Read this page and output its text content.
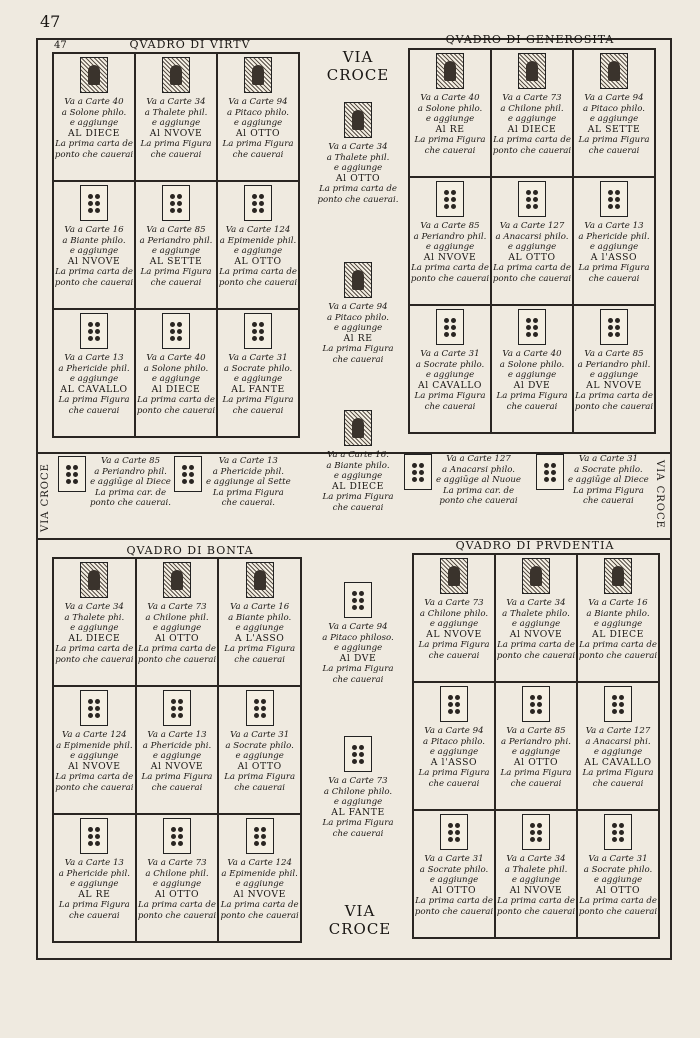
47
47	QVADRO DI VIRTV	QVADRO DI GENEROSITA
QVADRO DI BONTA	QVADRO DI PRVDENTIA
Va a Carte 40
a Solone philo.
e aggiunge
AL DIECE
La prima carta de
ponto che cauerai
Va a Carte 34
a Thalete phil.
e aggiunge
Al NVOVE
La prima Figura
che cauerai
Va a Carte 94
a Pitaco philo.
e aggiunge
Al OTTO
La prima Figura
che cauerai
Va a Carte 16
a Biante philo.
e aggiunge
Al NVOVE
La prima carta de
ponto che cauerai
Va a Carte 85
a Periandro phil.
e aggiunge
AL SETTE
La prima Figura
che cauerai
Va a Carte 124
a Epimenide phil.
e aggiunge
AL OTTO
La prima carta de
ponto che cauerai
Va a Carte 13
a Phericide phil.
e aggiunge
AL CAVALLO
La prima Figura
che cauerai
Va a Carte 40
a Solone philo.
e aggiunge
Al DIECE
La prima carta de
ponto che cauerai
Va a Carte 31
a Socrate philo.
e aggiunge
AL FANTE
La prima Figura
che cauerai
Va a Carte 40
a Solone philo.
e aggiunge
Al RE
La prima Figura
che cauerai
Va a Carte 73
a Chilone phil.
e aggiunge
Al DIECE
La prima carta de
ponto che cauerai
Va a Carte 94
a Pitaco philo.
e aggiunge
AL SETTE
La prima Figura
che cauerai
Va a Carte 85
a Periandro phil.
e aggiunge
Al NVOVE
La prima carta de
ponto che cauerai
Va a Carte 127
a Anacarsi philo.
e aggiunge
AL OTTO
La prima carta de
ponto che cauerai
Va a Carte 13
a Phericide phil.
e aggiunge
A l'ASSO
La prima Figura
che cauerai
Va a Carte 31
a Socrate philo.
e aggiunge
Al CAVALLO
La prima Figura
che cauerai
Va a Carte 40
a Solone philo.
e aggiunge
Al DVE
La prima Figura
che cauerai
Va a Carte 85
a Periandro phil.
e aggiunge
AL NVOVE
La prima carta de
ponto che cauerai
Va a Carte 34
a Thalete phi.
e aggiunge
AL DIECE
La prima carta de
ponto che cauerai
Va a Carte 73
a Chilone phil.
e aggiunge
Al OTTO
La prima carta de
ponto che cauerai
Va a Carte 16
a Biante philo.
e aggiunge
A L'ASSO
La prima Figura
che cauerai
Va a Carte 124
a Epimenide phil.
e aggiunge
Al NVOVE
La prima carta de
ponto che cauerai
Va a Carte 13
a Phericide phi.
e aggiunge
Al NVOVE
La prima Figura
che cauerai
Va a Carte 31
a Socrate philo.
e aggiunge
Al OTTO
La prima Figura
che cauerai
Va a Carte 13
a Phericide phil.
e aggiunge
AL RE
La prima Figura
che cauerai
Va a Carte 73
a Chilone phil.
e aggiunge
Al OTTO
La prima carta de
ponto che cauerai
Va a Carte 124
a Epimenide phil.
e aggiunge
Al NVOVE
La prima carta de
ponto che cauerai
Va a Carte 73
a Chilone philo.
e aggiunge
AL NVOVE
La prima Figura
che cauerai
Va a Carte 34
a Thalete philo.
e aggiunge
Al NVOVE
La prima carta de
ponto che cauerai
Va a Carte 16
a Biante philo.
e aggiunge
AL DIECE
La prima carta de
ponto che cauerai
Va a Carte 94
a Pitaco philo.
e aggiunge
A l'ASSO
La prima Figura
che cauerai
Va a Carte 85
a Periandro phi.
e aggiunge
Al OTTO
La prima Figura
che cauerai
Va a Carte 127
a Anacarsi phi.
e aggiunge
AL CAVALLO
La prima Figura
che cauerai
Va a Carte 31
a Socrate philo.
e aggiunge
Al OTTO
La prima carta de
ponto che cauerai
Va a Carte 34
a Thalete phil.
e aggiunge
Al NVOVE
La prima carta de
ponto che cauerai
Va a Carte 31
a Socrate philo.
e aggiunge
Al OTTO
La prima carta de
ponto che cauerai
VIA
CROCE
VIA
CROCE
VIA CROCE	VIA CROCE
Va a Carte 34
a Thalete phil.
e aggiunge
Al OTTO
La prima carta de
ponto che cauerai.
Va a Carte 94
a Pitaco philo.
e aggiunge
Al RE
La prima Figura
che cauerai
Va a Carte 16.
a Biante philo.
e aggiunge
AL DIECE
La prima Figura
che cauerai
Va a Carte 94
a Pitaco philoso.
e aggiunge
Al DVE
La prima Figura
che cauerai
Va a Carte 73
a Chilone philo.
e aggiunge
AL FANTE
La prima Figura
che cauerai
Va a Carte 85
a Periandro phil.
e aggiūge al Diece
La prima car. de
ponto che cauerai.
Va a Carte 13
a Phericide phil.
e aggiunge al Sette
La prima Figura
che cauerai.
Va a Carte 127
a Anacarsi philo.
e aggiūge al Nuoue
La prima car. de
ponto che cauerai
Va a Carte 31
a Socrate philo.
e aggiūge al Diece
La prima Figura
che cauerai
